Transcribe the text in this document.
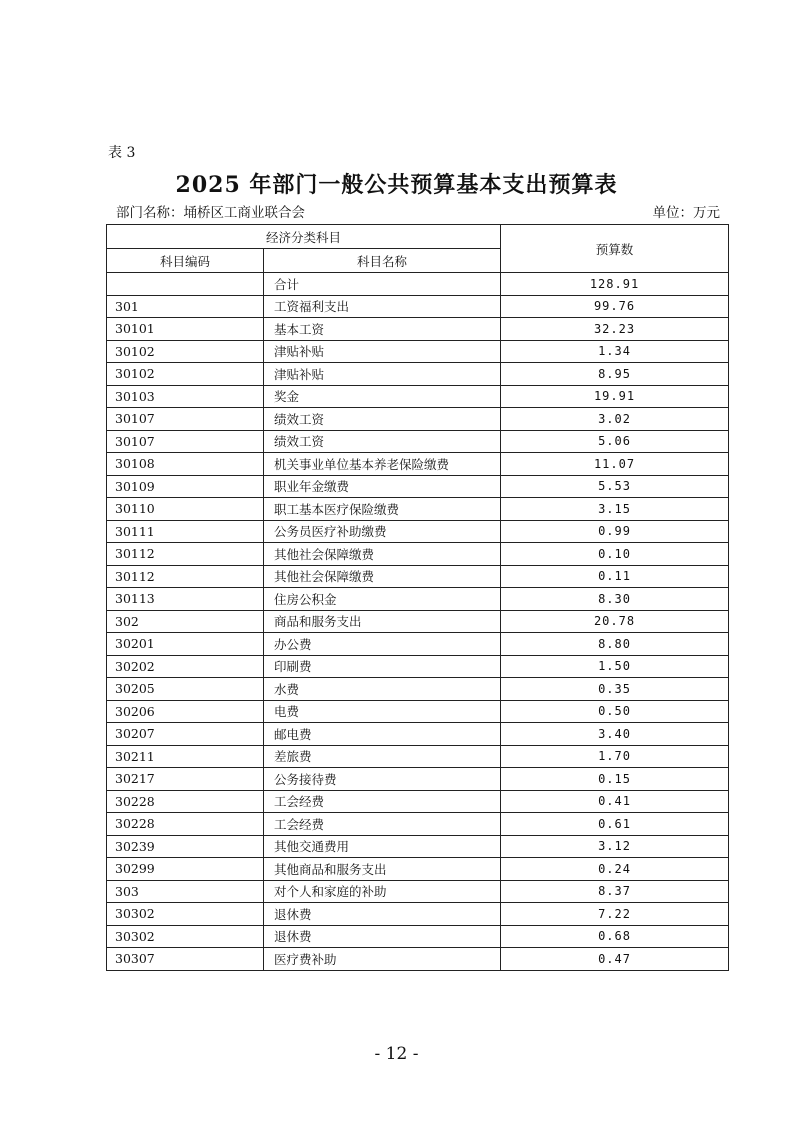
表 3
2025 年部门一般公共预算基本支出预算表
部门名称：埇桥区工商业联合会	单位：万元
经济分类科目		预算数
科目编码	科目名称	
	合计	128.91
301	工资福利支出	99.76
30101	基本工资	32.23
30102	津贴补贴	1.34
30102	津贴补贴	8.95
30103	奖金	19.91
30107	绩效工资	3.02
30107	绩效工资	5.06
30108	机关事业单位基本养老保险缴费	11.07
30109	职业年金缴费	5.53
30110	职工基本医疗保险缴费	3.15
30111	公务员医疗补助缴费	0.99
30112	其他社会保障缴费	0.10
30112	其他社会保障缴费	0.11
30113	住房公积金	8.30
302	商品和服务支出	20.78
30201	办公费	8.80
30202	印刷费	1.50
30205	水费	0.35
30206	电费	0.50
30207	邮电费	3.40
30211	差旅费	1.70
30217	公务接待费	0.15
30228	工会经费	0.41
30228	工会经费	0.61
30239	其他交通费用	3.12
30299	其他商品和服务支出	0.24
303	对个人和家庭的补助	8.37
30302	退休费	7.22
30302	退休费	0.68
30307	医疗费补助	0.47
- 12 -
